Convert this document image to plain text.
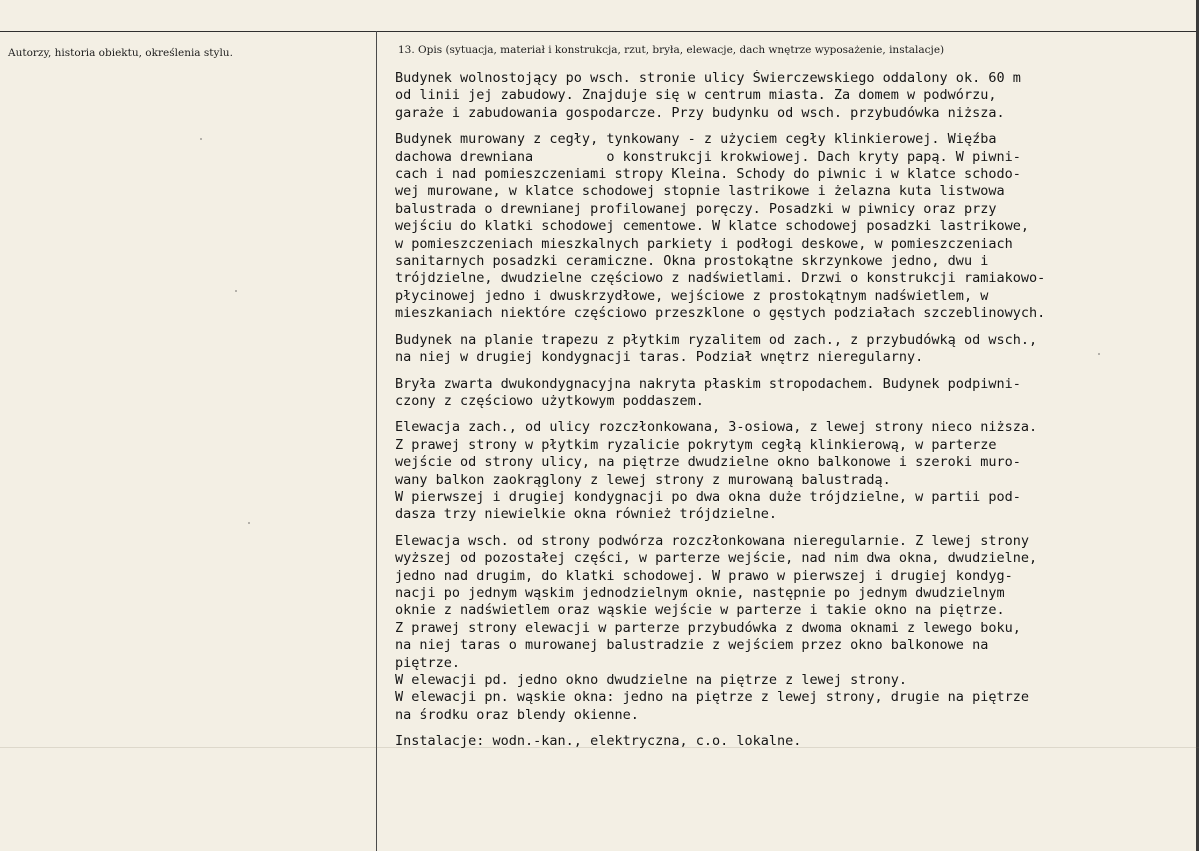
Autorzy, historia obiektu, określenia stylu.	13. Opis (sytuacja, materiał i konstrukcja, rzut, bryła, elewacje, dach wnętrze wyposażenie, instalacje)
Budynek wolnostojący po wsch. stronie ulicy Świerczewskiego oddalony ok. 60 m
od linii jej zabudowy. Znajduje się w centrum miasta. Za domem w podwórzu,
garaże i zabudowania gospodarcze. Przy budynku od wsch. przybudówka niższa.
Budynek murowany z cegły, tynkowany - z użyciem cegły klinkierowej. Więźba
dachowa drewniana         o konstrukcji krokwiowej. Dach kryty papą. W piwni-
cach i nad pomieszczeniami stropy Kleina. Schody do piwnic i w klatce schodo-
wej murowane, w klatce schodowej stopnie lastrikowe i żelazna kuta listwowa
balustrada o drewnianej profilowanej poręczy. Posadzki w piwnicy oraz przy
wejściu do klatki schodowej cementowe. W klatce schodowej posadzki lastrikowe,
w pomieszczeniach mieszkalnych parkiety i podłogi deskowe, w pomieszczeniach
sanitarnych posadzki ceramiczne. Okna prostokątne skrzynkowe jedno, dwu i
trójdzielne, dwudzielne częściowo z nadświetlami. Drzwi o konstrukcji ramiakowo-
płycinowej jedno i dwuskrzydłowe, wejściowe z prostokątnym nadświetlem, w
mieszkaniach niektóre częściowo przeszklone o gęstych podziałach szczeblinowych.
Budynek na planie trapezu z płytkim ryzalitem od zach., z przybudówką od wsch.,
na niej w drugiej kondygnacji taras. Podział wnętrz nieregularny.
Bryła zwarta dwukondygnacyjna nakryta płaskim stropodachem. Budynek podpiwni-
czony z częściowo użytkowym poddaszem.
Elewacja zach., od ulicy rozczłonkowana, 3-osiowa, z lewej strony nieco niższa.
Z prawej strony w płytkim ryzalicie pokrytym cegłą klinkierową, w parterze
wejście od strony ulicy, na piętrze dwudzielne okno balkonowe i szeroki muro-
wany balkon zaokrąglony z lewej strony z murowaną balustradą.
W pierwszej i drugiej kondygnacji po dwa okna duże trójdzielne, w partii pod-
dasza trzy niewielkie okna również trójdzielne.
Elewacja wsch. od strony podwórza rozczłonkowana nieregularnie. Z lewej strony
wyższej od pozostałej części, w parterze wejście, nad nim dwa okna, dwudzielne,
jedno nad drugim, do klatki schodowej. W prawo w pierwszej i drugiej kondyg-
nacji po jednym wąskim jednodzielnym oknie, następnie po jednym dwudzielnym
oknie z nadświetlem oraz wąskie wejście w parterze i takie okno na piętrze.
Z prawej strony elewacji w parterze przybudówka z dwoma oknami z lewego boku,
na niej taras o murowanej balustradzie z wejściem przez okno balkonowe na
piętrze.
W elewacji pd. jedno okno dwudzielne na piętrze z lewej strony.
W elewacji pn. wąskie okna: jedno na piętrze z lewej strony, drugie na piętrze
na środku oraz blendy okienne.
Instalacje: wodn.-kan., elektryczna, c.o. lokalne.
